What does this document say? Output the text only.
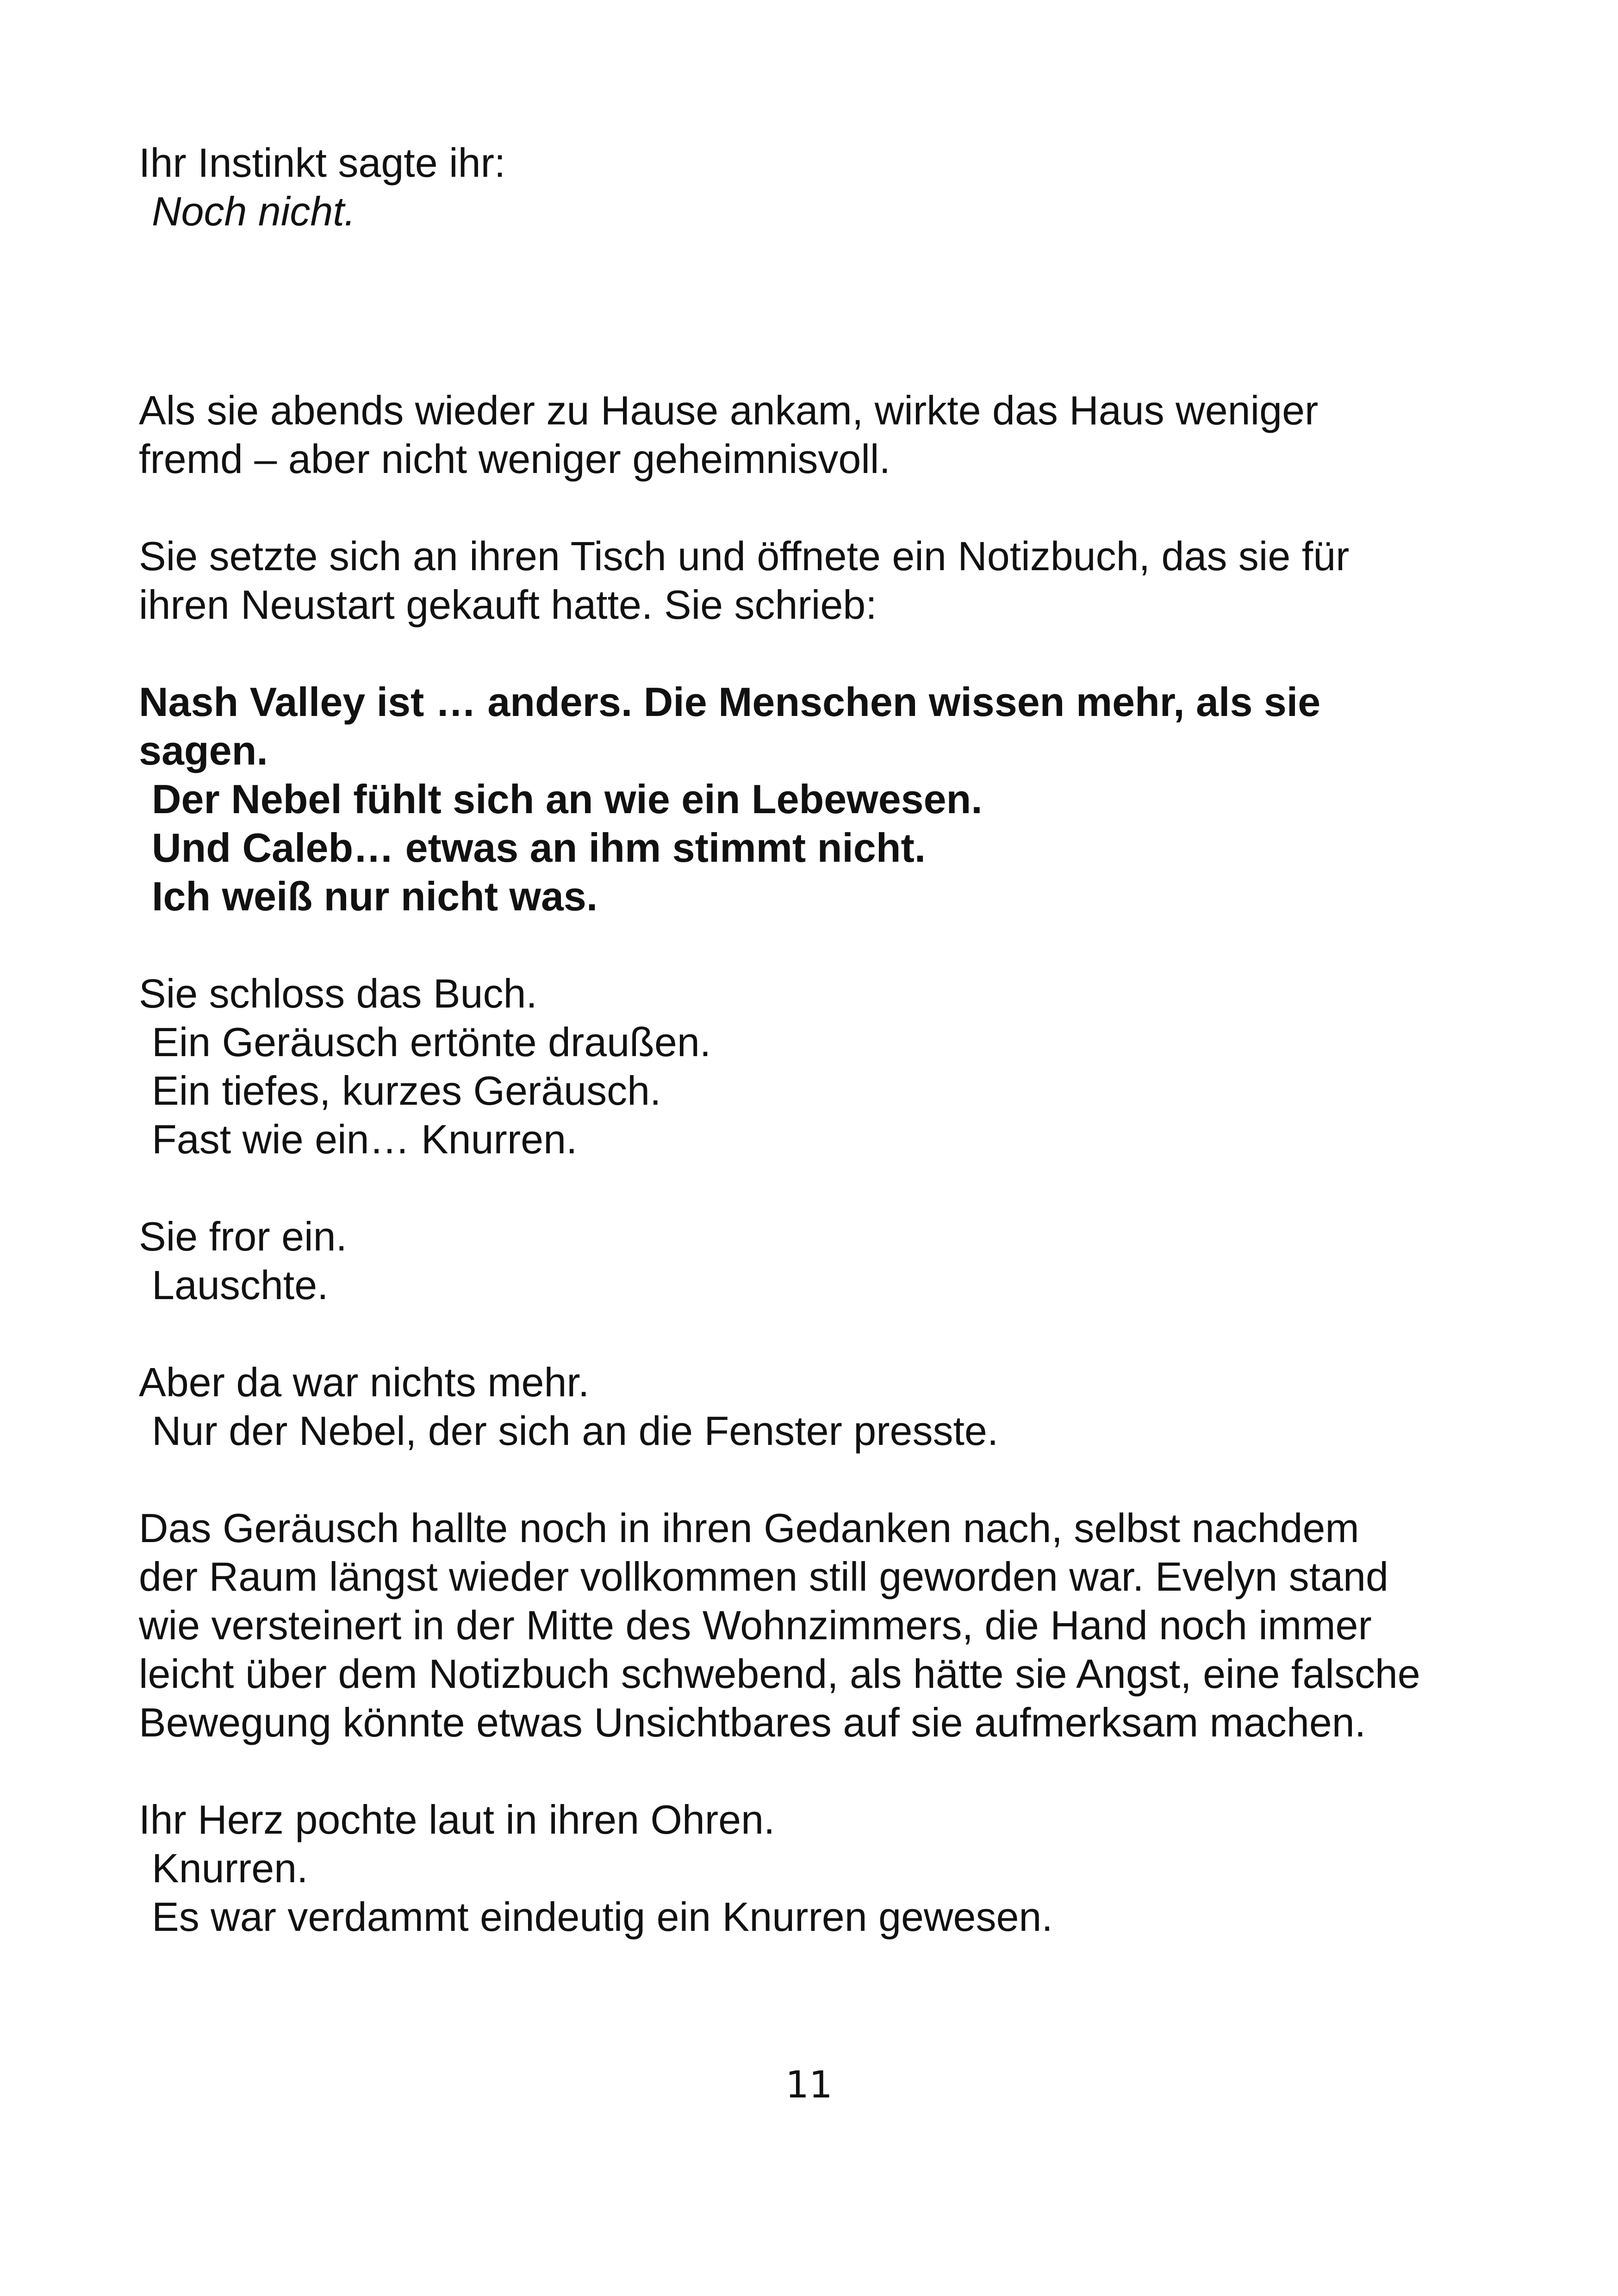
Ihr Instinkt sagte ihr:

Noch nicht.

Als sie abends wieder zu Hause ankam, wirkte das Haus weniger

fremd – aber nicht weniger geheimnisvoll.

Sie setzte sich an ihren Tisch und öffnete ein Notizbuch, das sie für

ihren Neustart gekauft hatte. Sie schrieb:

Nash Valley ist … anders. Die Menschen wissen mehr, als sie

sagen.

Der Nebel fühlt sich an wie ein Lebewesen.

Und Caleb… etwas an ihm stimmt nicht.

Ich weiß nur nicht was.

Sie schloss das Buch.

Ein Geräusch ertönte draußen.

Ein tiefes, kurzes Geräusch.

Fast wie ein… Knurren.

Sie fror ein.

Lauschte.

Aber da war nichts mehr.

Nur der Nebel, der sich an die Fenster presste.

Das Geräusch hallte noch in ihren Gedanken nach, selbst nachdem

der Raum längst wieder vollkommen still geworden war. Evelyn stand

wie versteinert in der Mitte des Wohnzimmers, die Hand noch immer

leicht über dem Notizbuch schwebend, als hätte sie Angst, eine falsche

Bewegung könnte etwas Unsichtbares auf sie aufmerksam machen.

Ihr Herz pochte laut in ihren Ohren.

Knurren.

Es war verdammt eindeutig ein Knurren gewesen.

11
